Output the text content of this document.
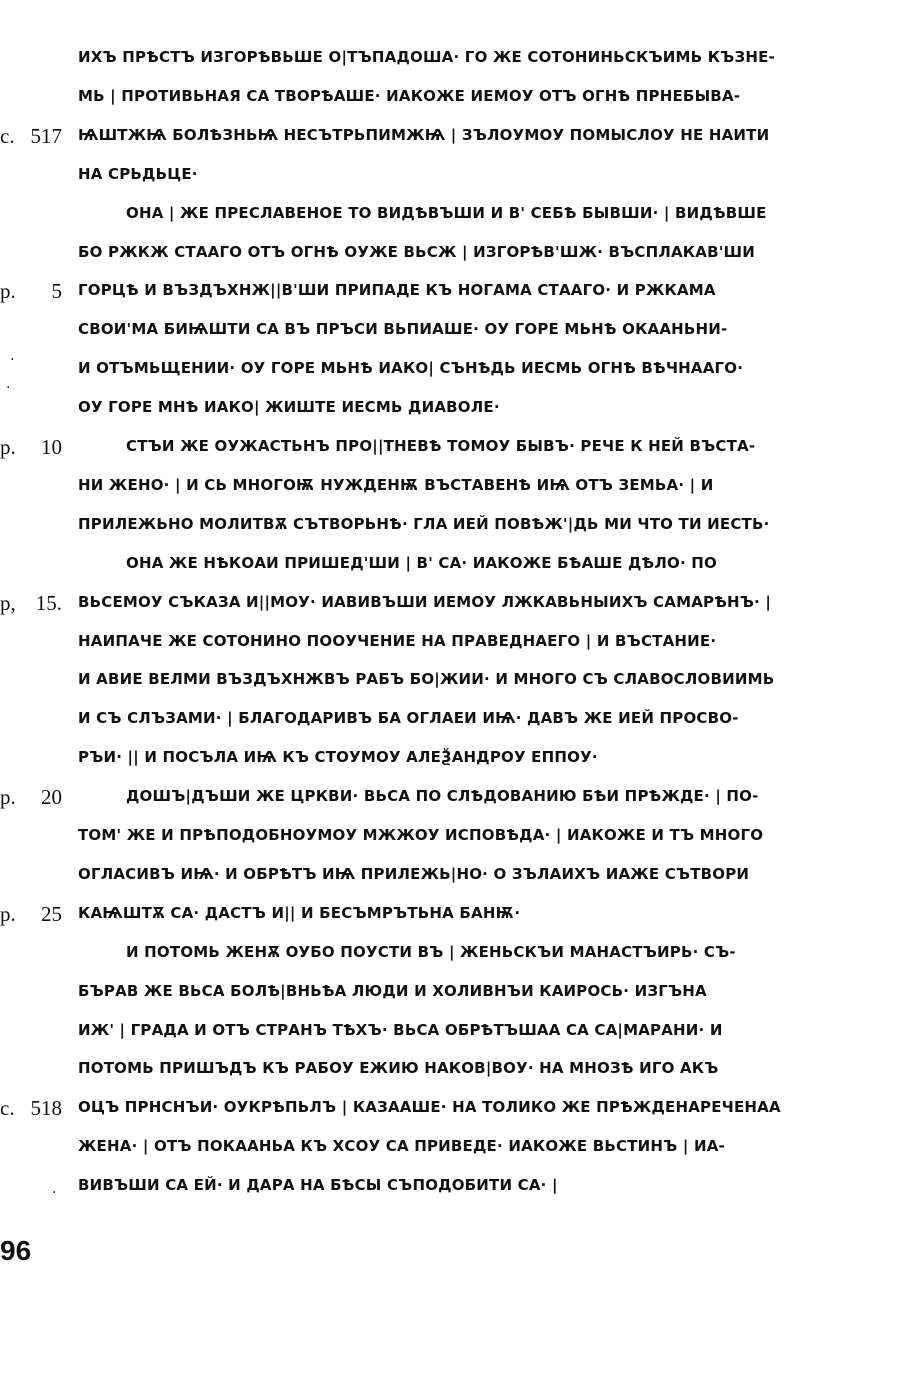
ИХЪ ПРѢСТЪ ИЗГОРѢВЬШЕ О|ТЪПАДОША· ГО ЖЕ СОТОНИНЬСКЪИМЬ КЪЗНЕ-
МЬ | ПРОТИВЬНАЯ СА ТВОРѢАШЕ· ИАКОЖЕ ИЕМОУ ОТЪ ОГНѢ ПРНЕБЫВА-
ѨШТЖѨ БОЛѢЗНЬѨ НЕСЪТРЬПИМЖѨ | ЗЪЛОУМОУ ПОМЫСЛОУ НЕ НАИТИ
НА СРЬДЬЦЕ·
ОНА | ЖЕ ПРЕСЛАВЕНОЕ ТО ВИДѢВЪШИ И В' СЕБѢ БЫВШИ· | ВИДѢВШЕ
БО РЖКЖ СТААГО ОТЪ ОГНѢ ОУЖЕ ВЬСЖ | ИЗГОРѢВ'ШЖ· ВЪСПЛАКАВ'ШИ
ГОРЦѢ И ВЪЗДЪХНЖ||В'ШИ ПРИПАДЕ КЪ НОГАМА СТААГО· И РЖКАМА
СВОИ'МА БИѨШТИ СА ВЪ ПРЪСИ ВЬПИАШЕ· ОУ ГОРЕ МЬНѢ ОКААНЬНИ-
И ОТЪМЬЩЕНИИ· ОУ ГОРЕ МЬНѢ ИАКО| СЪНѢДЬ ИЕСМЬ ОГНѢ ВѢЧНААГО·
ОУ ГОРЕ МНѢ ИАКО| ЖИШТЕ ИЕСМЬ ДИАВОЛЕ·
СТЪИ ЖЕ ОУЖАСТЬНЪ ПРО||ТНЕВѢ ТОМОУ БЫВЪ· РЕЧЕ К НЕЙ ВЪСТА-
НИ ЖЕНО· | И СЬ МНОГОѬ НУЖДЕНѬ ВЪСТАВЕНѢ ИѨ ОТЪ ЗЕМЬА· | И
ПРИЛЕЖЬНО МОЛИТВѪ СЪТВОРЬНѢ· ГЛА ИЕЙ ПОВѢЖ'|ДЬ МИ ЧТО ТИ ИЕСТЬ·
ОНА ЖЕ НѢКОАИ ПРИШЕД'ШИ | В' СА· ИАКОЖЕ БѢАШЕ ДѢЛО· ПО
ВЬСЕМОУ СЪКАЗА И||МОУ· ИАВИВЪШИ ИЕМОУ ЛЖКАВЬНЫИХЪ САМАРѢНЪ· |
НАИПАЧЕ ЖЕ СОТОНИНО ПООУЧЕНИЕ НА ПРАВЕДНАЕГО | И ВЪСТАНИЕ·
И АВИЕ ВЕЛМИ ВЪЗДЪХНЖВЪ РАБЪ БО|ЖИИ· И МНОГО СЪ СЛАВОСЛОВИИМЬ
И СЪ СЛЪЗАМИ· | БЛАГОДАРИВЪ БА ОГЛАЕИ ИѨ· ДАВЪ ЖЕ ИЕЙ ПРОСВО-
РЪИ· || И ПОСЪЛА ИѨ КЪ СТОУМОУ АЛЕѮАНДРОУ ЕППОУ·
ДОШЪ|ДЪШИ ЖЕ ЦРКВИ· ВЬСА ПО СЛѢДОВАНИЮ БѢИ ПРѢЖДЕ· | ПО-
ТОМ' ЖЕ И ПРѢПОДОБНОУМОУ МЖЖОУ ИСПОВѢДА· | ИАКОЖЕ И ТЪ МНОГО
ОГЛАСИВЪ ИѨ· И ОБРѢТЪ ИѨ ПРИЛЕЖЬ|НО· О ЗЪЛАИХЪ ИАЖЕ СЪТВОРИ
КАѨШТѪ СА· ДАСТЪ И|| И БЕСЪМРЪТЬНА БАНѬ·
И ПОТОМЬ ЖЕНѪ ОУБО ПОУСТИ ВЪ | ЖЕНЬСКЪИ МАНАСТЪИРЬ· СЪ-
БЪРАВ ЖЕ ВЬСА БОЛѢ|ВНЬѢА ЛЮДИ И ХОЛИВНЪИ КАИРОСЬ· ИЗГЪНА
ИЖ' | ГРАДА И ОТЪ СТРАНЪ ТѢХЪ· ВЬСА ОБРѢТЪШАА СА СА|МАРАНИ· И
ПОТОМЬ ПРИШЪДЪ КЪ РАБОУ ЕЖИЮ НАКОВ|ВОУ· НА МНОЗѢ ИГО АКЪ
ОЦЪ ПРНСНЪИ· ОУКРѢПЬЛЪ | КАЗААШЕ· НА ТОЛИКО ЖЕ ПРѢЖДЕНАРЕЧЕНАА
ЖЕНА· | ОТЪ ПОКААНЬА КЪ ХСОУ СА ПРИВЕДЕ· ИАКОЖЕ ВЬСТИНЪ | ИА-
ВИВЪШИ СА ЕЙ· И ДАРА НА БѢСЫ СЪПОДОБИТИ СА· |
с. 517
р. 5
р. 10
р, 15.
р. 20
р. 25
с. 518
·
·
·
96
